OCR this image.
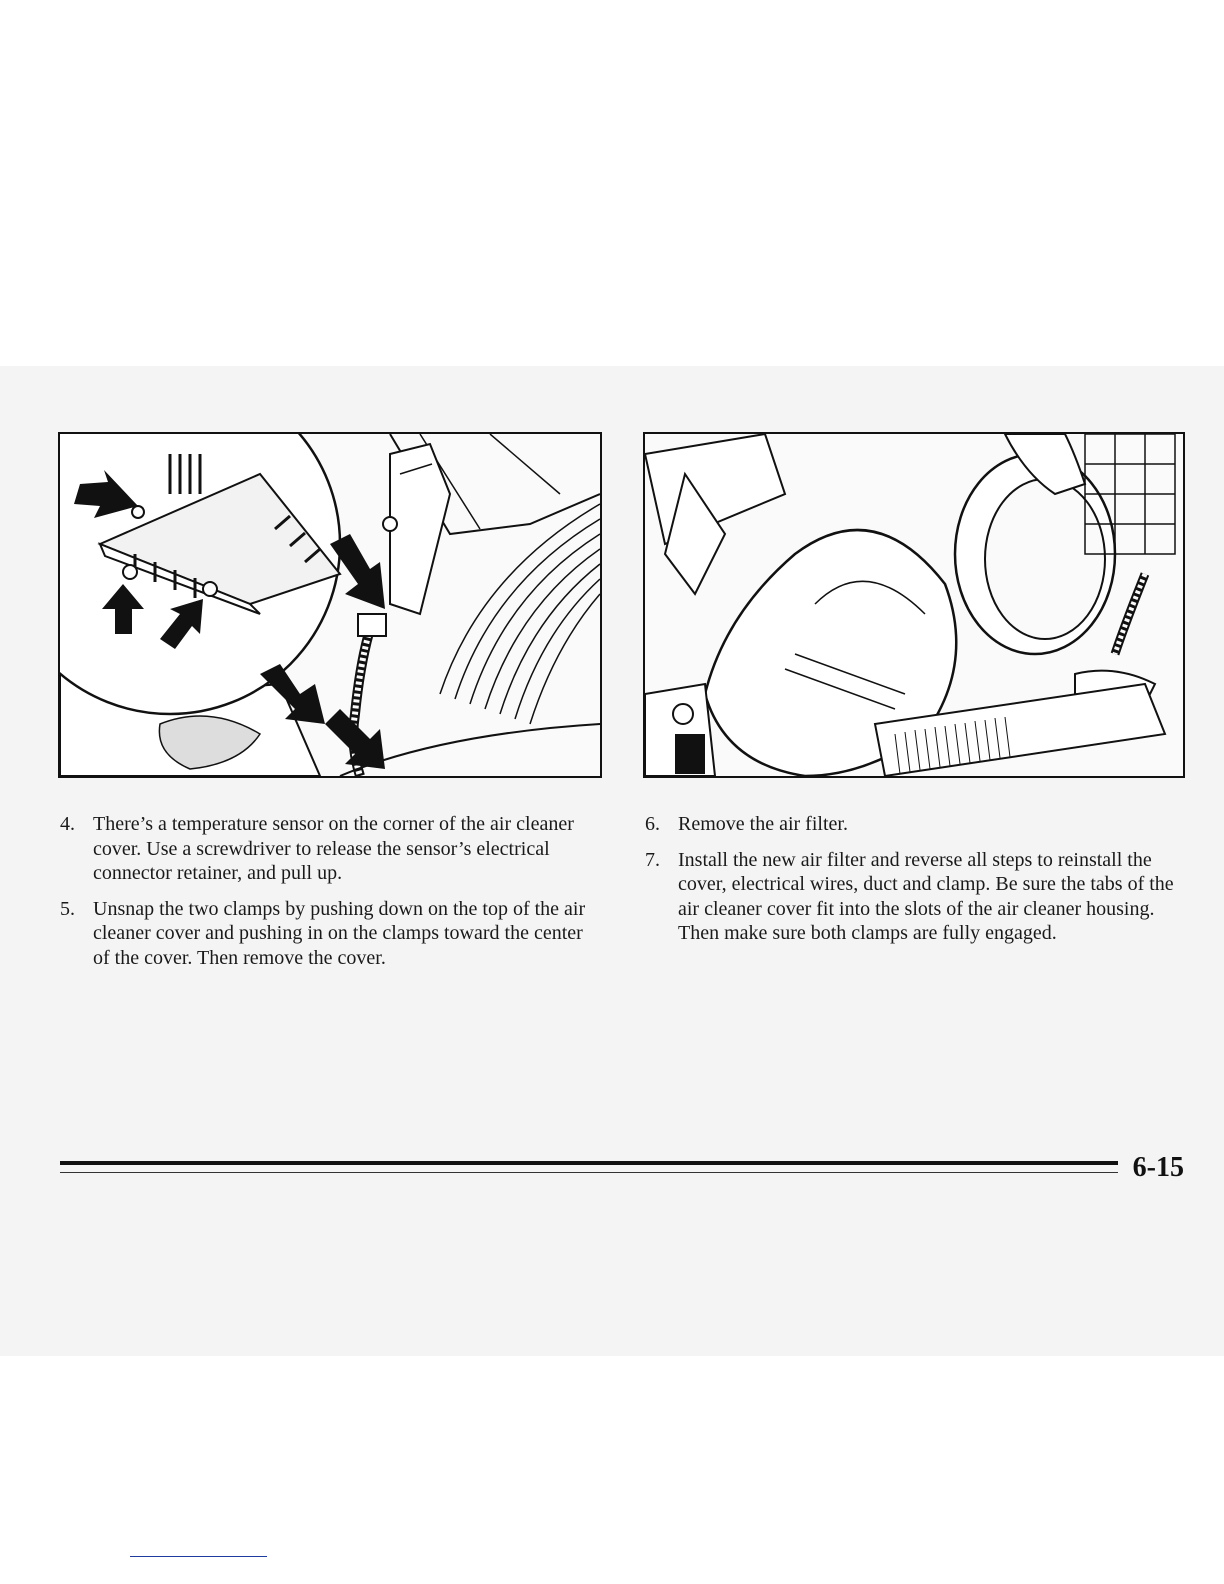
4. There’s a temperature sensor on the corner of the air cleaner cover. Use a screwdriver to release the sensor’s electrical connector retainer, and pull up.
5. Unsnap the two clamps by pushing down on the top of the air cleaner cover and pushing in on the clamps toward the center of the cover. Then remove the cover.
6. Remove the air filter.
7. Install the new air filter and reverse all steps to reinstall the cover, electrical wires, duct and clamp. Be sure the tabs of the air cleaner cover fit into the slots of the air cleaner housing. Then make sure both clamps are fully engaged.
6-15
